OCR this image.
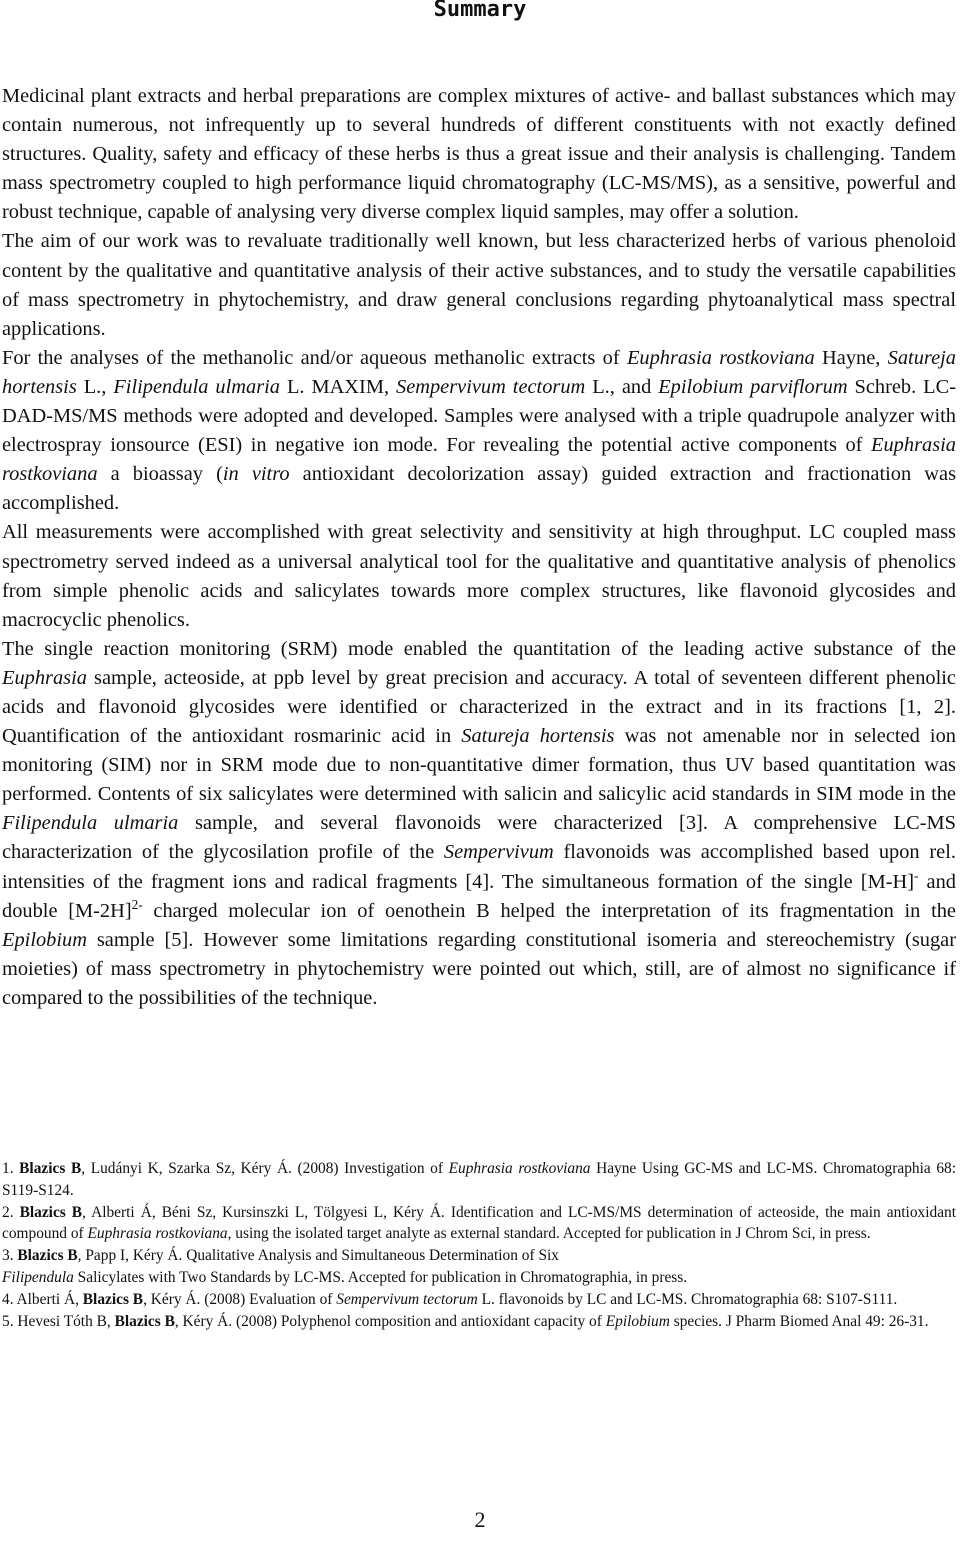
Summary

Medicinal plant extracts and herbal preparations are complex mixtures of active- and ballast substances which may contain numerous, not infrequently up to several hundreds of different constituents with not exactly defined structures. Quality, safety and efficacy of these herbs is thus a great issue and their analysis is challenging. Tandem mass spectrometry coupled to high performance liquid chromatography (LC-MS/MS), as a sensitive, powerful and robust technique, capable of analysing very diverse complex liquid samples, may offer a solution.

The aim of our work was to revaluate traditionally well known, but less characterized herbs of various phenoloid content by the qualitative and quantitative analysis of their active substances, and to study the versatile capabilities of mass spectrometry in phytochemistry, and draw general conclusions regarding phytoanalytical mass spectral applications.

For the analyses of the methanolic and/or aqueous methanolic extracts of Euphrasia rostkoviana Hayne, Satureja hortensis L., Filipendula ulmaria L. MAXIM, Sempervivum tectorum L., and Epilobium parviflorum Schreb. LC-DAD-MS/MS methods were adopted and developed. Samples were analysed with a triple quadrupole analyzer with electrospray ionsource (ESI) in negative ion mode. For revealing the potential active components of Euphrasia rostkoviana a bioassay (in vitro antioxidant decolorization assay) guided extraction and fractionation was accomplished.

All measurements were accomplished with great selectivity and sensitivity at high throughput. LC coupled mass spectrometry served indeed as a universal analytical tool for the qualitative and quantitative analysis of phenolics from simple phenolic acids and salicylates towards more complex structures, like flavonoid glycosides and macrocyclic phenolics.

The single reaction monitoring (SRM) mode enabled the quantitation of the leading active substance of the Euphrasia sample, acteoside, at ppb level by great precision and accuracy. A total of seventeen different phenolic acids and flavonoid glycosides were identified or characterized in the extract and in its fractions [1, 2]. Quantification of the antioxidant rosmarinic acid in Satureja hortensis was not amenable nor in selected ion monitoring (SIM) nor in SRM mode due to non-quantitative dimer formation, thus UV based quantitation was performed. Contents of six salicylates were determined with salicin and salicylic acid standards in SIM mode in the Filipendula ulmaria sample, and several flavonoids were characterized [3]. A comprehensive LC-MS characterization of the glycosilation profile of the Sempervivum flavonoids was accomplished based upon rel. intensities of the fragment ions and radical fragments [4]. The simultaneous formation of the single [M-H]- and double $[M-2H]^{2-}$ charged molecular ion of oenothein B helped the interpretation of its fragmentation in the Epilobium sample [5]. However some limitations regarding constitutional isomeria and stereochemistry (sugar moieties) of mass spectrometry in phytochemistry were pointed out which, still, are of almost no significance if compared to the possibilities of the technique.

1. Blazics B, Ludányi K, Szarka Sz, Kéry Á. (2008) Investigation of Euphrasia rostkoviana Hayne Using GC-MS and LC-MS. Chromatographia 68: S119-S124.

2. Blazics B, Alberti Á, Béni Sz, Kursinszki L, Tölgyesi L, Kéry Á. Identification and LC-MS/MS determination of acteoside, the main antioxidant compound of Euphrasia rostkoviana, using the isolated target analyte as external standard. Accepted for publication in J Chrom Sci, in press.

3. Blazics B, Papp I, Kéry Á. Qualitative Analysis and Simultaneous Determination of Six
Filipendula Salicylates with Two Standards by LC-MS. Accepted for publication in Chromatographia, in press.

4. Alberti Á, Blazics B, Kéry Á. (2008) Evaluation of Sempervivum tectorum L. flavonoids by LC and LC-MS. Chromatographia 68: S107-S111.

5. Hevesi Tóth B, Blazics B, Kéry Á. (2008) Polyphenol composition and antioxidant capacity of Epilobium species. J Pharm Biomed Anal 49: 26-31.

2
